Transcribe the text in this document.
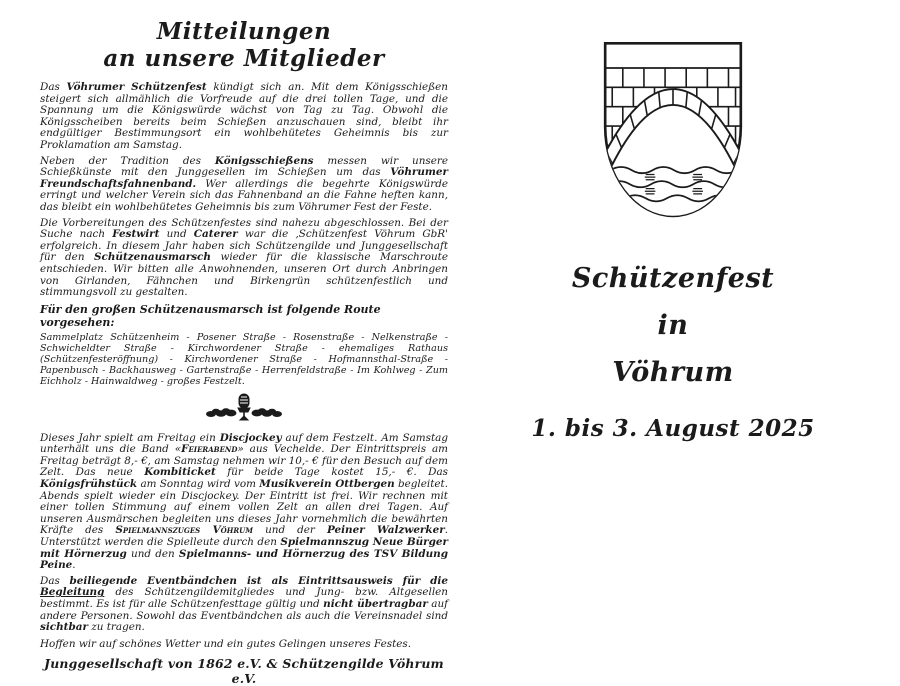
Mitteilungen
an unsere Mitglieder

Das Vöhrumer Schützenfest kündigt sich an. Mit dem Königsschießen steigert sich allmählich die Vorfreude auf die drei tollen Tage, und die Spannung um die Königswürde wächst von Tag zu Tag. Obwohl die Königsscheiben bereits beim Schießen anzuschauen sind, bleibt ihr endgültiger Bestimmungsort ein wohlbehütetes Geheimnis bis zur Proklamation am Samstag.

Neben der Tradition des Königsschießens messen wir unsere Schießkünste mit den Junggesellen im Schießen um das Vöhrumer Freundschaftsfahnenband. Wer allerdings die begehrte Königswürde erringt und welcher Verein sich das Fahnenband an die Fahne heften kann, das bleibt ein wohlbehütetes Geheimnis bis zum Vöhrumer Fest der Feste.

Die Vorbereitungen des Schützenfestes sind nahezu abgeschlossen. Bei der Suche nach Festwirt und Caterer war die ‚Schützenfest Vöhrum GbR' erfolgreich. In diesem Jahr haben sich Schützengilde und Junggesellschaft für den Schützenausmarsch wieder für die klassische Marschroute entschieden. Wir bitten alle Anwohnenden, unseren Ort durch Anbringen von Girlanden, Fähnchen und Birkengrün schützenfestlich und stimmungsvoll zu gestalten.

Für den großen Schützenausmarsch ist folgende Route vorgesehen:

Sammelplatz Schützenheim - Posener Straße - Rosenstraße - Nelkenstraße - Schwicheldter Straße - Kirchwordener Straße - ehemaliges Rathaus (Schützenfesteröffnung) - Kirchwordener Straße - Hofmannsthal-Straße - Papenbusch - Backhausweg - Gartenstraße - Herrenfeldstraße - Im Kohlweg - Zum Eichholz - Hainwaldweg - großes Festzelt.

Dieses Jahr spielt am Freitag ein Discjockey auf dem Festzelt. Am Samstag unterhält uns die Band «Feierabend» aus Vechelde. Der Eintrittspreis am Freitag beträgt 8,- €, am Samstag nehmen wir 10,- € für den Besuch auf dem Zelt. Das neue Kombiticket für beide Tage kostet 15,- €. Das Königsfrühstück am Sonntag wird vom Musikverein Ottbergen begleitet. Abends spielt wieder ein Discjockey. Der Eintritt ist frei. Wir rechnen mit einer tollen Stimmung auf einem vollen Zelt an allen drei Tagen. Auf unseren Ausmärschen begleiten uns dieses Jahr vornehmlich die bewährten Kräfte des Spielmannszuges Vöhrum und der Peiner Walzwerker. Unterstützt werden die Spielleute durch den Spielmannszug Neue Bürger mit Hörnerzug und den Spielmanns- und Hörnerzug des TSV Bildung Peine.

Das beiliegende Eventbändchen ist als Eintrittsausweis für die Begleitung des Schützengildemitgliedes und Jung- bzw. Altgesellen bestimmt. Es ist für alle Schützenfesttage gültig und nicht übertragbar auf andere Personen. Sowohl das Eventbändchen als auch die Vereinsnadel sind sichtbar zu tragen.

Hoffen wir auf schönes Wetter und ein gutes Gelingen unseres Festes.

Junggesellschaft von 1862 e.V. & Schützengilde Vöhrum e.V.

Schützenfest
in
Vöhrum
1. bis 3. August 2025
